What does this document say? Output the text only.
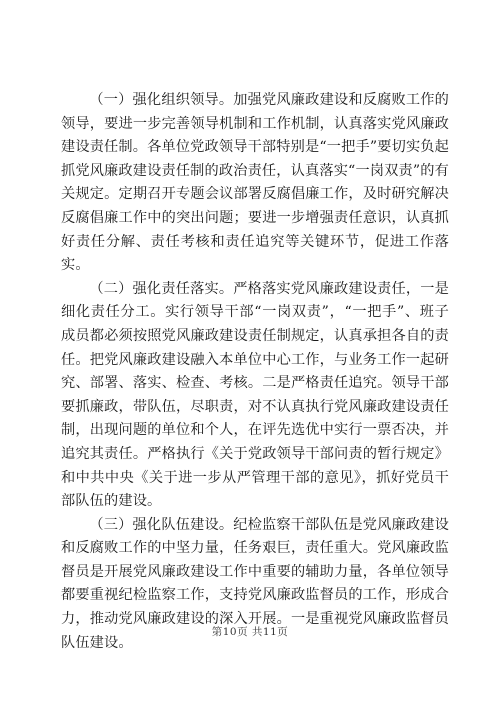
（一）强化组织领导。加强党风廉政建设和反腐败工作的领导，要进一步完善领导机制和工作机制，认真落实党风廉政建设责任制。各单位党政领导干部特别是“一把手”要切实负起抓党风廉政建设责任制的政治责任，认真落实“一岗双责”的有关规定。定期召开专题会议部署反腐倡廉工作，及时研究解决反腐倡廉工作中的突出问题；要进一步增强责任意识，认真抓好责任分解、责任考核和责任追究等关键环节，促进工作落实。

（二）强化责任落实。严格落实党风廉政建设责任，一是细化责任分工。实行领导干部“一岗双责”，“一把手”、班子成员都必须按照党风廉政建设责任制规定，认真承担各自的责任。把党风廉政建设融入本单位中心工作，与业务工作一起研究、部署、落实、检查、考核。二是严格责任追究。领导干部要抓廉政，带队伍，尽职责，对不认真执行党风廉政建设责任制，出现问题的单位和个人，在评先选优中实行一票否决，并追究其责任。严格执行《关于党政领导干部问责的暂行规定》和中共中央《关于进一步从严管理干部的意见》，抓好党员干部队伍的建设。

（三）强化队伍建设。纪检监察干部队伍是党风廉政建设和反腐败工作的中坚力量，任务艰巨，责任重大。党风廉政监督员是开展党风廉政建设工作中重要的辅助力量，各单位领导都要重视纪检监察工作，支持党风廉政监督员的工作，形成合力，推动党风廉政建设的深入开展。一是重视党风廉政监督员队伍建设。

第10页 共11页
